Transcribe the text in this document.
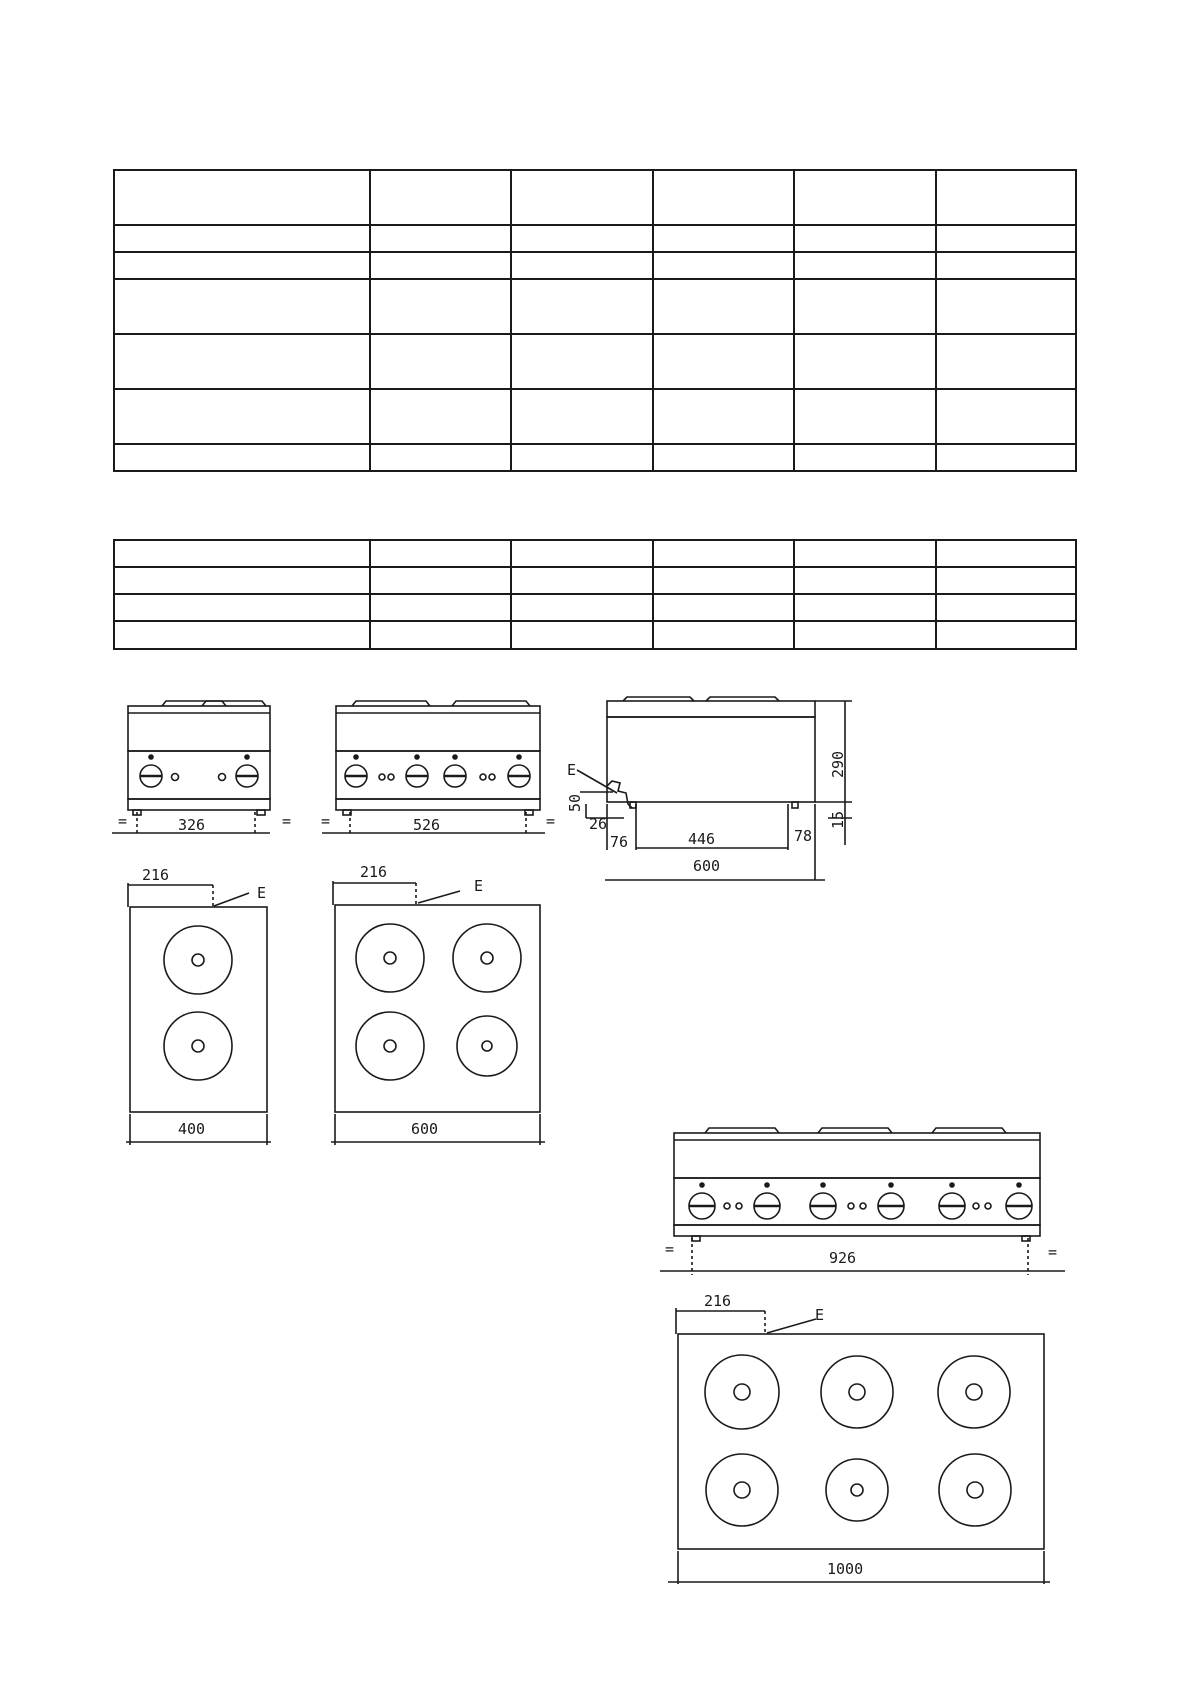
=	=
326
216
E
400
=	=
526
216
E
600
E	290
15
50
26
76	446	78
600
=	=
926
216
E
1000
